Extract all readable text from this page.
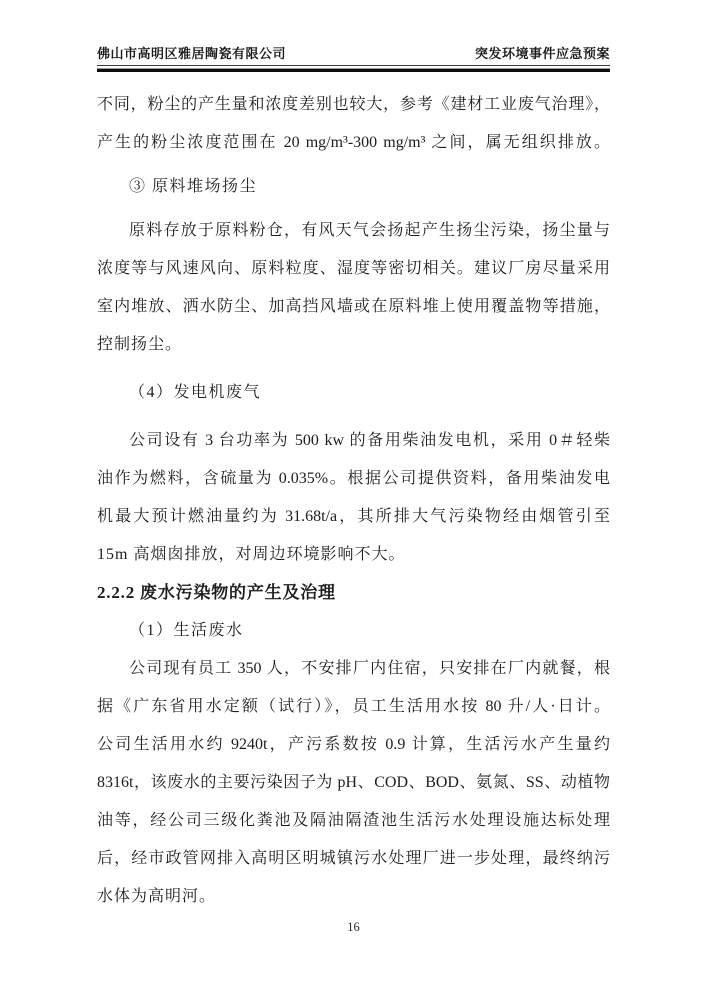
佛山市高明区雅居陶瓷有限公司	突发环境事件应急预案
不同，粉尘的产生量和浓度差别也较大，参考《建材工业废气治理》，
产生的粉尘浓度范围在 20 mg/m³-300 mg/m³ 之间，属无组织排放。
③ 原料堆场扬尘
原料存放于原料粉仓，有风天气会扬起产生扬尘污染，扬尘量与
浓度等与风速风向、原料粒度、湿度等密切相关。建议厂房尽量采用
室内堆放、洒水防尘、加高挡风墙或在原料堆上使用覆盖物等措施，
控制扬尘。
（4）发电机废气
公司设有 3 台功率为 500 kw 的备用柴油发电机，采用 0＃轻柴
油作为燃料，含硫量为 0.035%。根据公司提供资料，备用柴油发电
机最大预计燃油量约为 31.68t/a，其所排大气污染物经由烟管引至
15m 高烟囱排放，对周边环境影响不大。
2.2.2 废水污染物的产生及治理
（1）生活废水
公司现有员工 350 人，不安排厂内住宿，只安排在厂内就餐，根
据《广东省用水定额（试行）》，员工生活用水按 80 升/人·日计。
公司生活用水约 9240t，产污系数按 0.9 计算，生活污水产生量约
8316t，该废水的主要污染因子为 pH、COD、BOD、氨氮、SS、动植物
油等，经公司三级化粪池及隔油隔渣池生活污水处理设施达标处理
后，经市政管网排入高明区明城镇污水处理厂进一步处理，最终纳污
水体为高明河。
16
